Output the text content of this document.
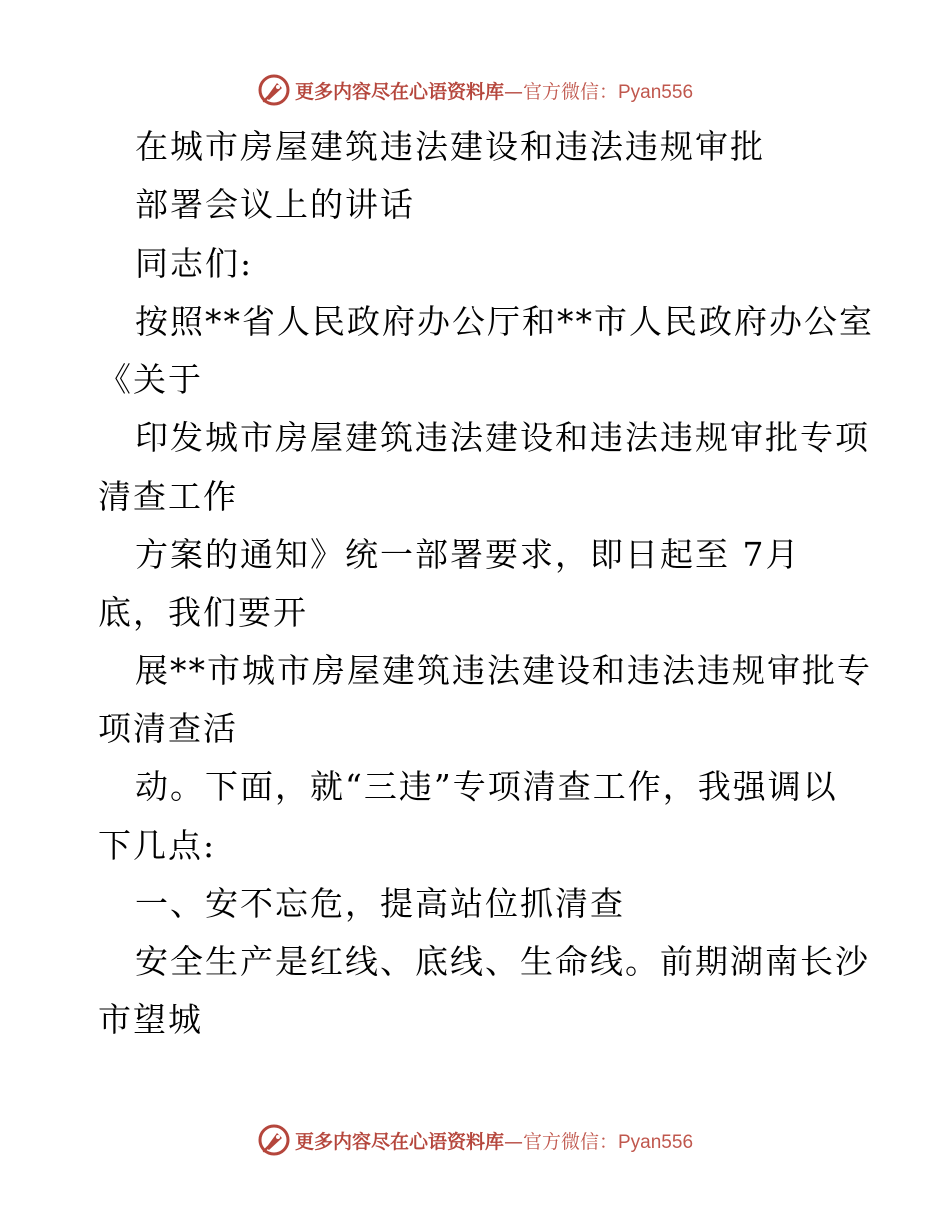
更多内容尽在心语资料库—官方微信：Pyan556
在城市房屋建筑违法建设和违法违规审批
部署会议上的讲话
同志们:
按照**省人民政府办公厅和**市人民政府办公室
《关于
印发城市房屋建筑违法建设和违法违规审批专项
清查工作
方案的通知》统一部署要求，即日起至 7月
底，我们要开
展**市城市房屋建筑违法建设和违法违规审批专
项清查活
动。下面，就“三违”专项清查工作，我强调以
下几点:
一、安不忘危，提高站位抓清查
安全生产是红线、底线、生命线。前期湖南长沙
市望城
更多内容尽在心语资料库—官方微信：Pyan556
